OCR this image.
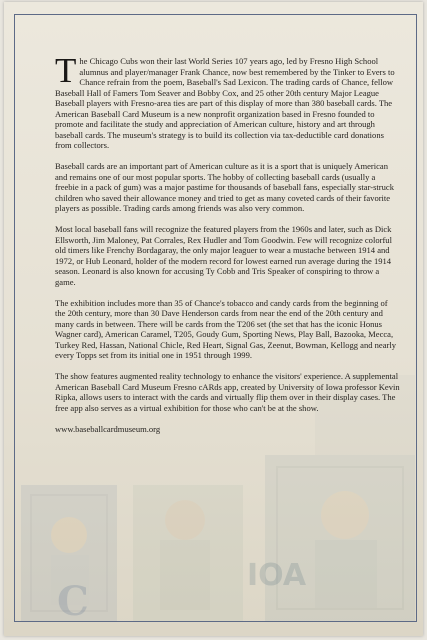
C
IOA

The Chicago Cubs won their last World Series 107 years ago, led by Fresno High School alumnus and player/manager Frank Chance, now best remembered by the Tinker to Evers to Chance refrain from the poem, Baseball's Sad Lexicon. The trading cards of Chance, fellow Baseball Hall of Famers Tom Seaver and Bobby Cox, and 25 other 20th century Major League Baseball players with Fresno-area ties are part of this display of more than 380 baseball cards. The American Baseball Card Museum is a new nonprofit organization based in Fresno founded to promote and facilitate the study and appreciation of American culture, history and art through baseball cards. The museum's strategy is to build its collection via tax-deductible card donations from collectors.

Baseball cards are an important part of American culture as it is a sport that is uniquely American and remains one of our most popular sports. The hobby of collecting baseball cards (usually a freebie in a pack of gum) was a major pastime for thousands of baseball fans, especially star-struck children who saved their allowance money and tried to get as many coveted cards of their favorite players as possible. Trading cards among friends was also very common.

Most local baseball fans will recognize the featured players from the 1960s and later, such as Dick Ellsworth, Jim Maloney, Pat Corrales, Rex Hudler and Tom Goodwin. Few will recognize colorful old timers like Frenchy Bordagaray, the only major leaguer to wear a mustache between 1914 and 1972, or Hub Leonard, holder of the modern record for lowest earned run average during the 1914 season. Leonard is also known for accusing Ty Cobb and Tris Speaker of conspiring to throw a game.

The exhibition includes more than 35 of Chance's tobacco and candy cards from the beginning of the 20th century, more than 30 Dave Henderson cards from near the end of the 20th century and many cards in between. There will be cards from the T206 set (the set that has the iconic Honus Wagner card), American Caramel, T205, Goudy Gum, Sporting News, Play Ball, Bazooka, Mecca, Turkey Red, Hassan, National Chicle, Red Heart, Signal Gas, Zeenut, Bowman, Kellogg and nearly every Topps set from its initial one in 1951 through 1999.

The show features augmented reality technology to enhance the visitors' experience. A supplemental American Baseball Card Museum Fresno cARds app, created by University of Iowa professor Kevin Ripka, allows users to interact with the cards and virtually flip them over in their display cases. The free app also serves as a virtual exhibition for those who can't be at the show.

www.baseballcardmuseum.org
